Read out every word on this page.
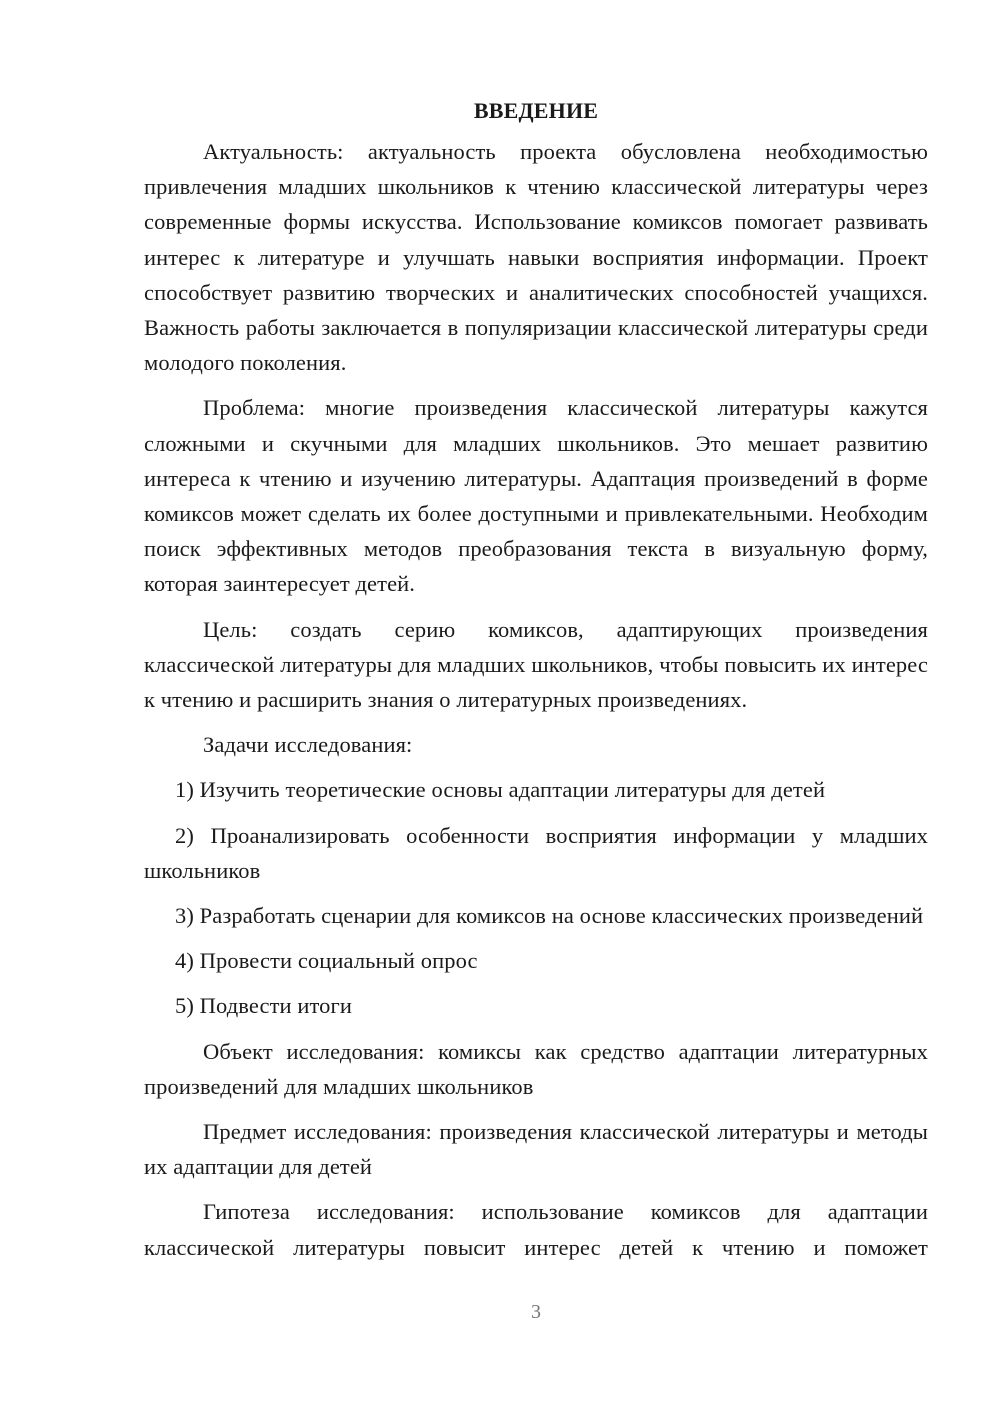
ВВЕДЕНИЕ

Актуальность: актуальность проекта обусловлена необходимостью привлечения младших школьников к чтению классической литературы через современные формы искусства. Использование комиксов помогает развивать интерес к литературе и улучшать навыки восприятия информации. Проект способствует развитию творческих и аналитических способностей учащихся. Важность работы заключается в популяризации классической литературы среди молодого поколения.

Проблема: многие произведения классической литературы кажутся сложными и скучными для младших школьников. Это мешает развитию интереса к чтению и изучению литературы. Адаптация произведений в форме комиксов может сделать их более доступными и привлекательными. Необходим поиск эффективных методов преобразования текста в визуальную форму, которая заинтересует детей.

Цель: создать серию комиксов, адаптирующих произведения классической литературы для младших школьников, чтобы повысить их интерес к чтению и расширить знания о литературных произведениях.

Задачи исследования:

1) Изучить теоретические основы адаптации литературы для детей

2) Проанализировать особенности восприятия информации у младших школьников

3) Разработать сценарии для комиксов на основе классических произведений

4) Провести социальный опрос

5) Подвести итоги

Объект исследования: комиксы как средство адаптации литературных произведений для младших школьников

Предмет исследования: произведения классической литературы и методы их адаптации для детей

Гипотеза исследования: использование комиксов для адаптации классической литературы повысит интерес детей к чтению и поможет

3
